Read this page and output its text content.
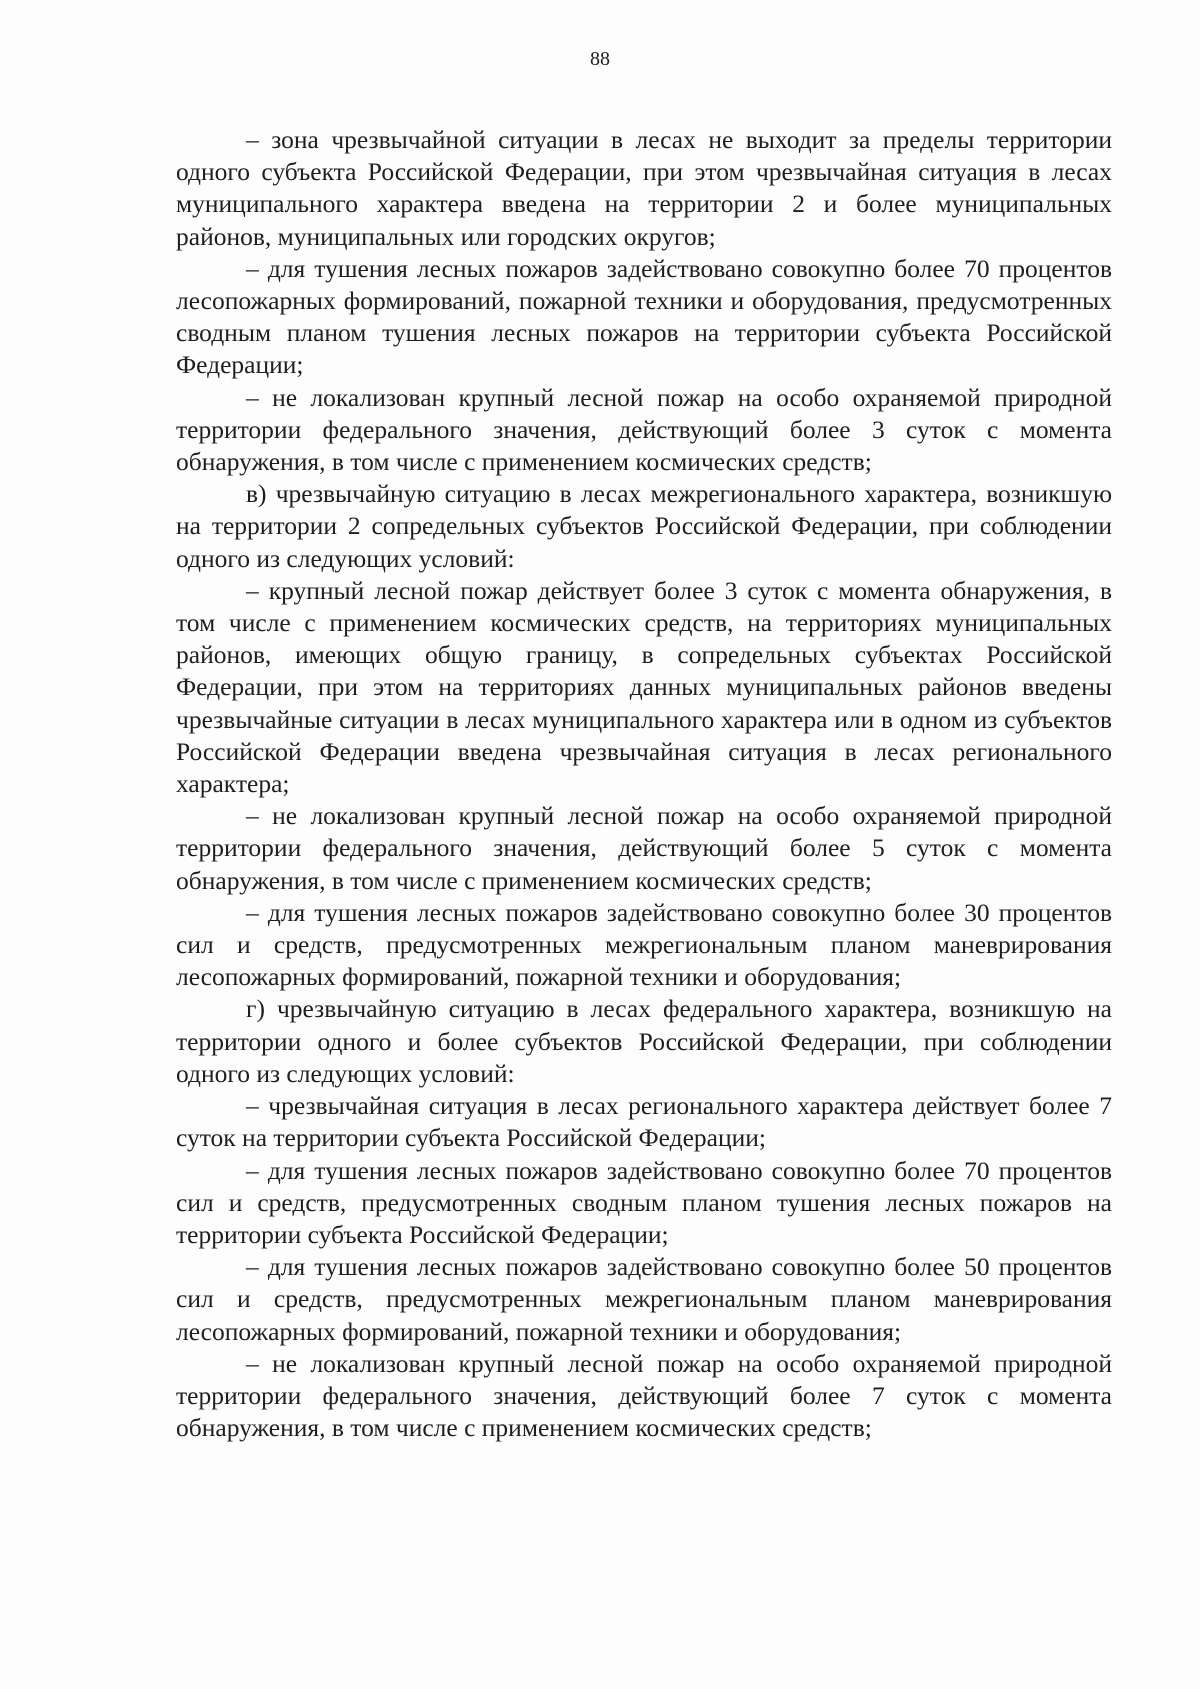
88

– зона чрезвычайной ситуации в лесах не выходит за пределы территории одного субъекта Российской Федерации, при этом чрезвычайная ситуация в лесах муниципального характера введена на территории 2 и более муниципальных районов, муниципальных или городских округов;

– для тушения лесных пожаров задействовано совокупно более 70 процентов лесопожарных формирований, пожарной техники и оборудования, предусмотренных сводным планом тушения лесных пожаров на территории субъекта Российской Федерации;

– не локализован крупный лесной пожар на особо охраняемой природной территории федерального значения, действующий более 3 суток с момента обнаружения, в том числе с применением космических средств;

в) чрезвычайную ситуацию в лесах межрегионального характера, возникшую на территории 2 сопредельных субъектов Российской Федерации, при соблюдении одного из следующих условий:

– крупный лесной пожар действует более 3 суток с момента обнаружения, в том числе с применением космических средств, на территориях муниципальных районов, имеющих общую границу, в сопредельных субъектах Российской Федерации, при этом на территориях данных муниципальных районов введены чрезвычайные ситуации в лесах муниципального характера или в одном из субъектов Российской Федерации введена чрезвычайная ситуация в лесах регионального характера;

– не локализован крупный лесной пожар на особо охраняемой природной территории федерального значения, действующий более 5 суток с момента обнаружения, в том числе с применением космических средств;

– для тушения лесных пожаров задействовано совокупно более 30 процентов сил и средств, предусмотренных межрегиональным планом маневрирования лесопожарных формирований, пожарной техники и оборудования;

г) чрезвычайную ситуацию в лесах федерального характера, возникшую на территории одного и более субъектов Российской Федерации, при соблюдении одного из следующих условий:

– чрезвычайная ситуация в лесах регионального характера действует более 7 суток на территории субъекта Российской Федерации;

– для тушения лесных пожаров задействовано совокупно более 70 процентов сил и средств, предусмотренных сводным планом тушения лесных пожаров на территории субъекта Российской Федерации;

– для тушения лесных пожаров задействовано совокупно более 50 процентов сил и средств, предусмотренных межрегиональным планом маневрирования лесопожарных формирований, пожарной техники и оборудования;

– не локализован крупный лесной пожар на особо охраняемой природной территории федерального значения, действующий более 7 суток с момента обнаружения, в том числе с применением космических средств;
